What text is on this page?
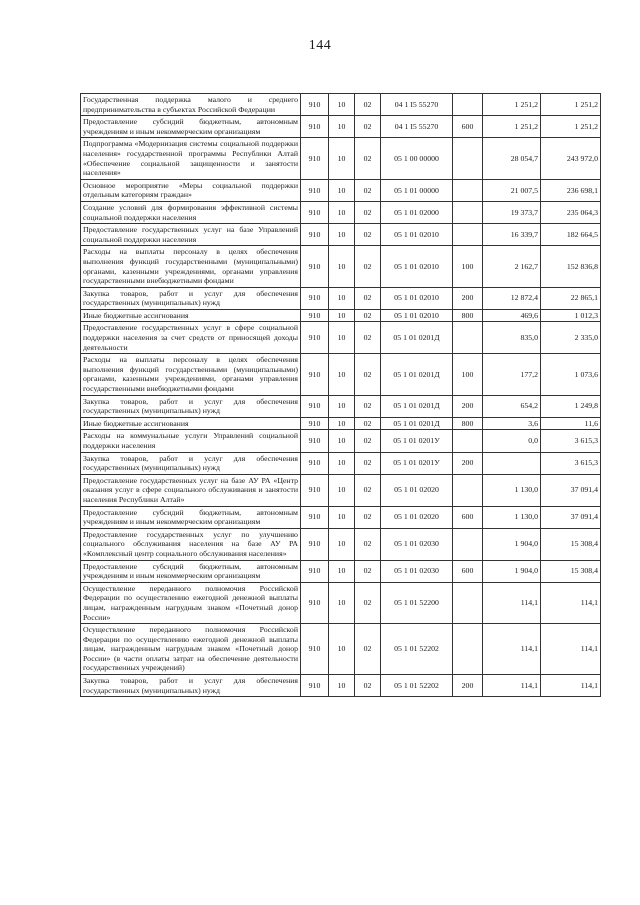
144
Государственная поддержка малого и среднего предпринимательства в субъектах Российской Федерации	910	10	02	04 1 I5 55270		1 251,2	1 251,2
Предоставление субсидий бюджетным, автономным учреждениям и иным некоммерческим организациям	910	10	02	04 1 I5 55270	600	1 251,2	1 251,2
Подпрограмма «Модернизация системы социальной поддержки населения» государственной программы Республики Алтай «Обеспечение социальной защищенности и занятости населения»	910	10	02	05 1 00 00000		28 054,7	243 972,0
Основное мероприятие «Меры социальной поддержки отдельным категориям граждан»	910	10	02	05 1 01 00000		21 007,5	236 698,1
Создание условий для формирования эффективной системы социальной поддержки населения	910	10	02	05 1 01 02000		19 373,7	235 064,3
Предоставление государственных услуг на базе Управлений социальной поддержки населения	910	10	02	05 1 01 02010		16 339,7	182 664,5
Расходы на выплаты персоналу в целях обеспечения выполнения функций государственными (муниципальными) органами, казенными учреждениями, органами управления государственными внебюджетными фондами	910	10	02	05 1 01 02010	100	2 162,7	152 836,8
Закупка товаров, работ и услуг для обеспечения государственных (муниципальных) нужд	910	10	02	05 1 01 02010	200	12 872,4	22 865,1
Иные бюджетные ассигнования	910	10	02	05 1 01 02010	800	469,6	1 012,3
Предоставление государственных услуг в сфере социальной поддержки населения за счет средств от приносящей доходы деятельности	910	10	02	05 1 01 0201Д		835,0	2 335,0
Расходы на выплаты персоналу в целях обеспечения выполнения функций государственными (муниципальными) органами, казенными учреждениями, органами управления государственными внебюджетными фондами	910	10	02	05 1 01 0201Д	100	177,2	1 073,6
Закупка товаров, работ и услуг для обеспечения государственных (муниципальных) нужд	910	10	02	05 1 01 0201Д	200	654,2	1 249,8
Иные бюджетные ассигнования	910	10	02	05 1 01 0201Д	800	3,6	11,6
Расходы на коммунальные услуги Управлений социальной поддержки населения	910	10	02	05 1 01 0201У		0,0	3 615,3
Закупка товаров, работ и услуг для обеспечения государственных (муниципальных) нужд	910	10	02	05 1 01 0201У	200		3 615,3
Предоставление государственных услуг на базе АУ РА «Центр оказания услуг в сфере социального обслуживания и занятости населения Республики Алтай»	910	10	02	05 1 01 02020		1 130,0	37 091,4
Предоставление субсидий бюджетным, автономным учреждениям и иным некоммерческим организациям	910	10	02	05 1 01 02020	600	1 130,0	37 091,4
Предоставление государственных услуг по улучшению социального обслуживания населения на базе АУ РА «Комплексный центр социального обслуживания населения»	910	10	02	05 1 01 02030		1 904,0	15 308,4
Предоставление субсидий бюджетным, автономным учреждениям и иным некоммерческим организациям	910	10	02	05 1 01 02030	600	1 904,0	15 308,4
Осуществление переданного полномочия Российской Федерации по осуществлению ежегодной денежной выплаты лицам, награжденным нагрудным знаком «Почетный донор России»	910	10	02	05 1 01 52200		114,1	114,1
Осуществление переданного полномочия Российской Федерации по осуществлению ежегодной денежной выплаты лицам, награжденным нагрудным знаком «Почетный донор России» (в части оплаты затрат на обеспечение деятельности государственных учреждений)	910	10	02	05 1 01 52202		114,1	114,1
Закупка товаров, работ и услуг для обеспечения государственных (муниципальных) нужд	910	10	02	05 1 01 52202	200	114,1	114,1
